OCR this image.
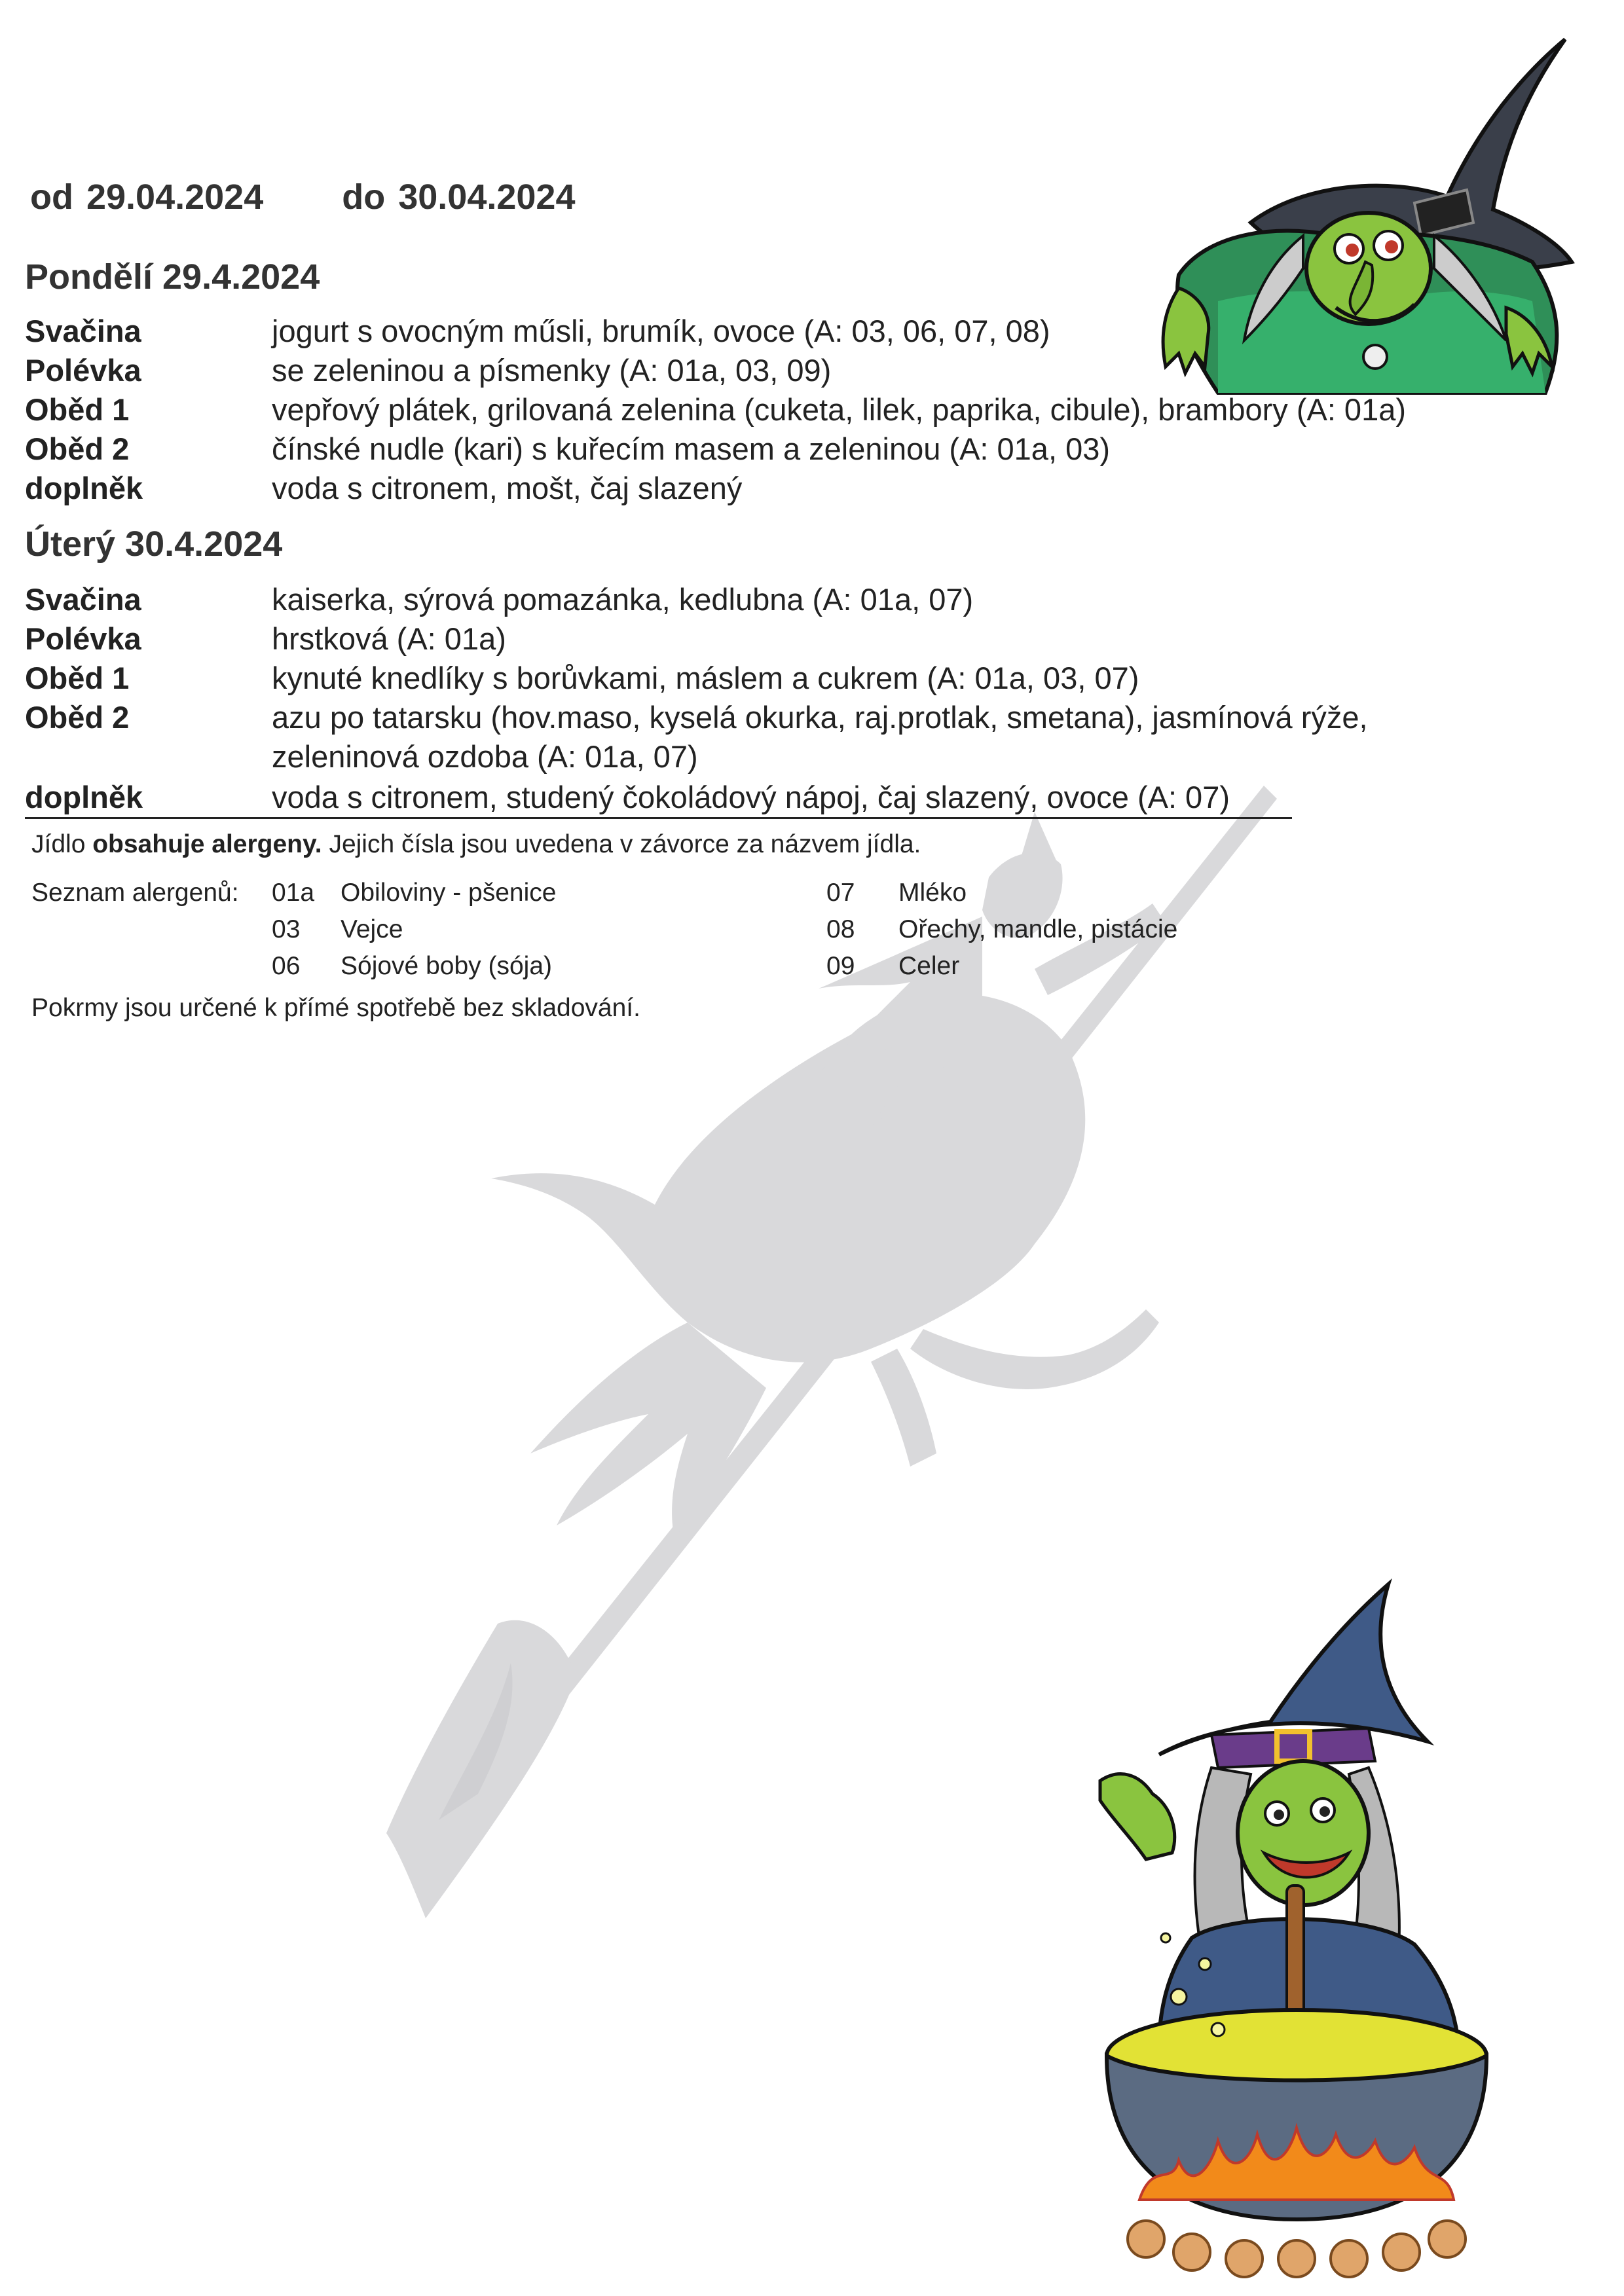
od 29.04.2024 do 30.04.2024
Pondělí 29.4.2024
Svačina	jogurt s ovocným műsli, brumík, ovoce (A: 03, 06, 07, 08)
Polévka	se zeleninou a písmenky (A: 01a, 03, 09)
Oběd 1	vepřový plátek, grilovaná zelenina (cuketa, lilek, paprika, cibule), brambory (A: 01a)
Oběd 2	čínské nudle (kari) s kuřecím masem a zeleninou (A: 01a, 03)
doplněk	voda s citronem, mošt, čaj slazený
Úterý 30.4.2024
Svačina	kaiserka, sýrová pomazánka, kedlubna (A: 01a, 07)
Polévka	hrstková (A: 01a)
Oběd 1	kynuté knedlíky s borůvkami, máslem a cukrem (A: 01a, 03, 07)
Oběd 2	azu po tatarsku (hov.maso, kyselá okurka, raj.protlak, smetana), jasmínová rýže,
zeleninová ozdoba (A: 01a, 07)
doplněk	voda s citronem, studený čokoládový nápoj, čaj slazený, ovoce (A: 07)
Jídlo obsahuje alergeny. Jejich čísla jsou uvedena v závorce za názvem jídla.
Seznam alergenů: 01a Obiloviny - pšenice
03 Vejce
06 Sójové boby (sója)
07 Mléko
08 Ořechy, mandle, pistácie
09 Celer
Pokrmy jsou určené k přímé spotřebě bez skladování.
